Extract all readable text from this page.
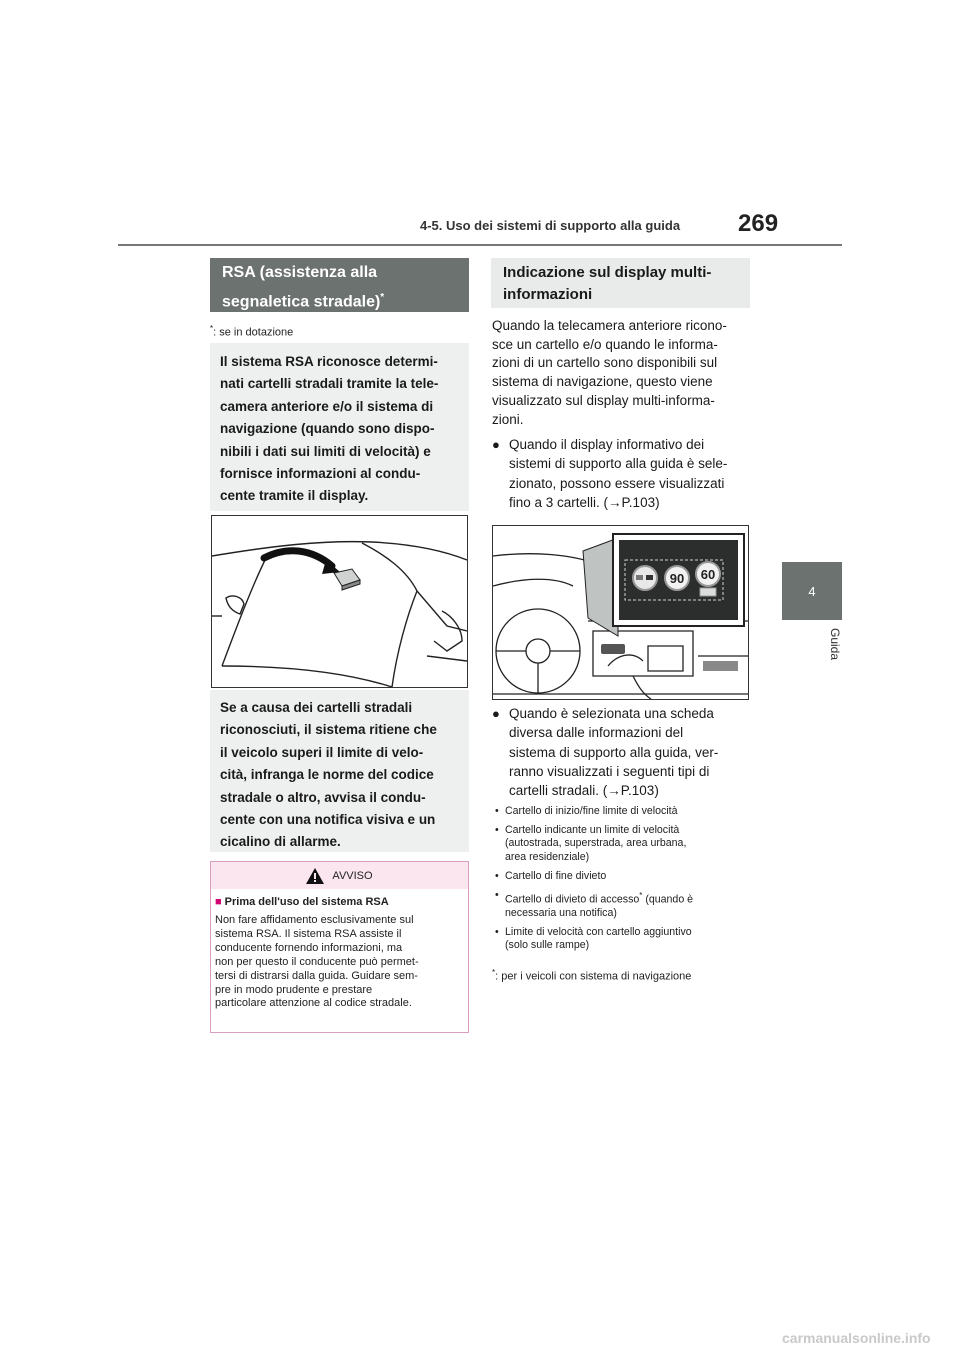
4-5. Uso dei sistemi di supporto alla guida 269
4
Guida
RSA (assistenza alla
segnaletica stradale)*
*: se in dotazione
Il sistema RSA riconosce determi-
nati cartelli stradali tramite la tele-
camera anteriore e/o il sistema di
navigazione (quando sono dispo-
nibili i dati sui limiti di velocità) e
fornisce informazioni al condu-
cente tramite il display.
Se a causa dei cartelli stradali
riconosciuti, il sistema ritiene che
il veicolo superi il limite di velo-
cità, infranga le norme del codice
stradale o altro, avvisa il condu-
cente con una notifica visiva e un
cicalino di allarme.
AVVISO
■ Prima dell'uso del sistema RSA
Non fare affidamento esclusivamente sul
sistema RSA. Il sistema RSA assiste il
conducente fornendo informazioni, ma
non per questo il conducente può permet-
tersi di distrarsi dalla guida. Guidare sem-
pre in modo prudente e prestare
particolare attenzione al codice stradale.
Indicazione sul display multi-
informazioni
Quando la telecamera anteriore ricono-
sce un cartello e/o quando le informa-
zioni di un cartello sono disponibili sul
sistema di navigazione, questo viene
visualizzato sul display multi-informa-
zioni.
● Quando il display informativo dei
sistemi di supporto alla guida è sele-
zionato, possono essere visualizzati
fino a 3 cartelli. (→P.103)
90 60
● Quando è selezionata una scheda
diversa dalle informazioni del
sistema di supporto alla guida, ver-
ranno visualizzati i seguenti tipi di
cartelli stradali. (→P.103)
• Cartello di inizio/fine limite di velocità
• Cartello indicante un limite di velocità
(autostrada, superstrada, area urbana,
area residenziale)
• Cartello di fine divieto
• Cartello di divieto di accesso* (quando è
necessaria una notifica)
• Limite di velocità con cartello aggiuntivo
(solo sulle rampe)
*: per i veicoli con sistema di navigazione
carmanualsonline.info
